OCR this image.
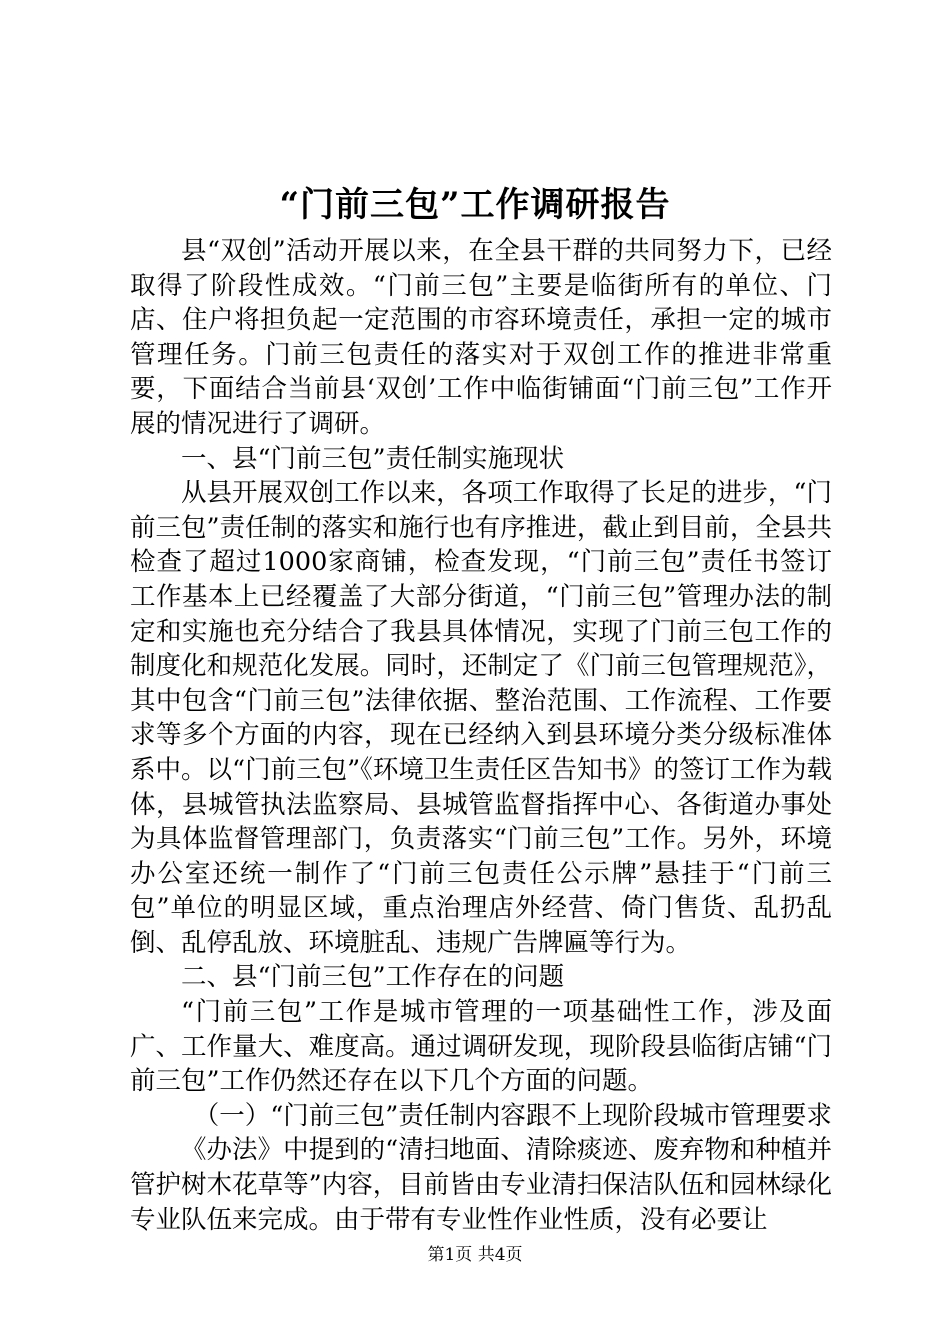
“门前三包”工作调研报告

县“双创”活动开展以来，在全县干群的共同努力下，已经取得了阶段性成效。“门前三包”主要是临街所有的单位、门店、住户将担负起一定范围的市容环境责任，承担一定的城市管理任务。门前三包责任的落实对于双创工作的推进非常重要，下面结合当前县‘双创’工作中临街铺面“门前三包”工作开展的情况进行了调研。

一、县“门前三包”责任制实施现状

从县开展双创工作以来，各项工作取得了长足的进步，“门前三包”责任制的落实和施行也有序推进，截止到目前，全县共检查了超过1000家商铺，检查发现，“门前三包”责任书签订工作基本上已经覆盖了大部分街道，“门前三包”管理办法的制定和实施也充分结合了我县具体情况，实现了门前三包工作的制度化和规范化发展。同时，还制定了《门前三包管理规范》，其中包含“门前三包”法律依据、整治范围、工作流程、工作要求等多个方面的内容，现在已经纳入到县环境分类分级标准体系中。以“门前三包”《环境卫生责任区告知书》的签订工作为载体，县城管执法监察局、县城管监督指挥中心、各街道办事处为具体监督管理部门，负责落实“门前三包”工作。另外，环境办公室还统一制作了“门前三包责任公示牌”悬挂于“门前三包”单位的明显区域，重点治理店外经营、倚门售货、乱扔乱倒、乱停乱放、环境脏乱、违规广告牌匾等行为。

二、县“门前三包”工作存在的问题

“门前三包”工作是城市管理的一项基础性工作，涉及面广、工作量大、难度高。通过调研发现，现阶段县临街店铺“门前三包”工作仍然还存在以下几个方面的问题。

（一）“门前三包”责任制内容跟不上现阶段城市管理要求

《办法》中提到的“清扫地面、清除痰迹、废弃物和种植并管护树木花草等”内容，目前皆由专业清扫保洁队伍和园林绿化专业队伍来完成。由于带有专业性作业性质，没有必要让

第1页 共4页
